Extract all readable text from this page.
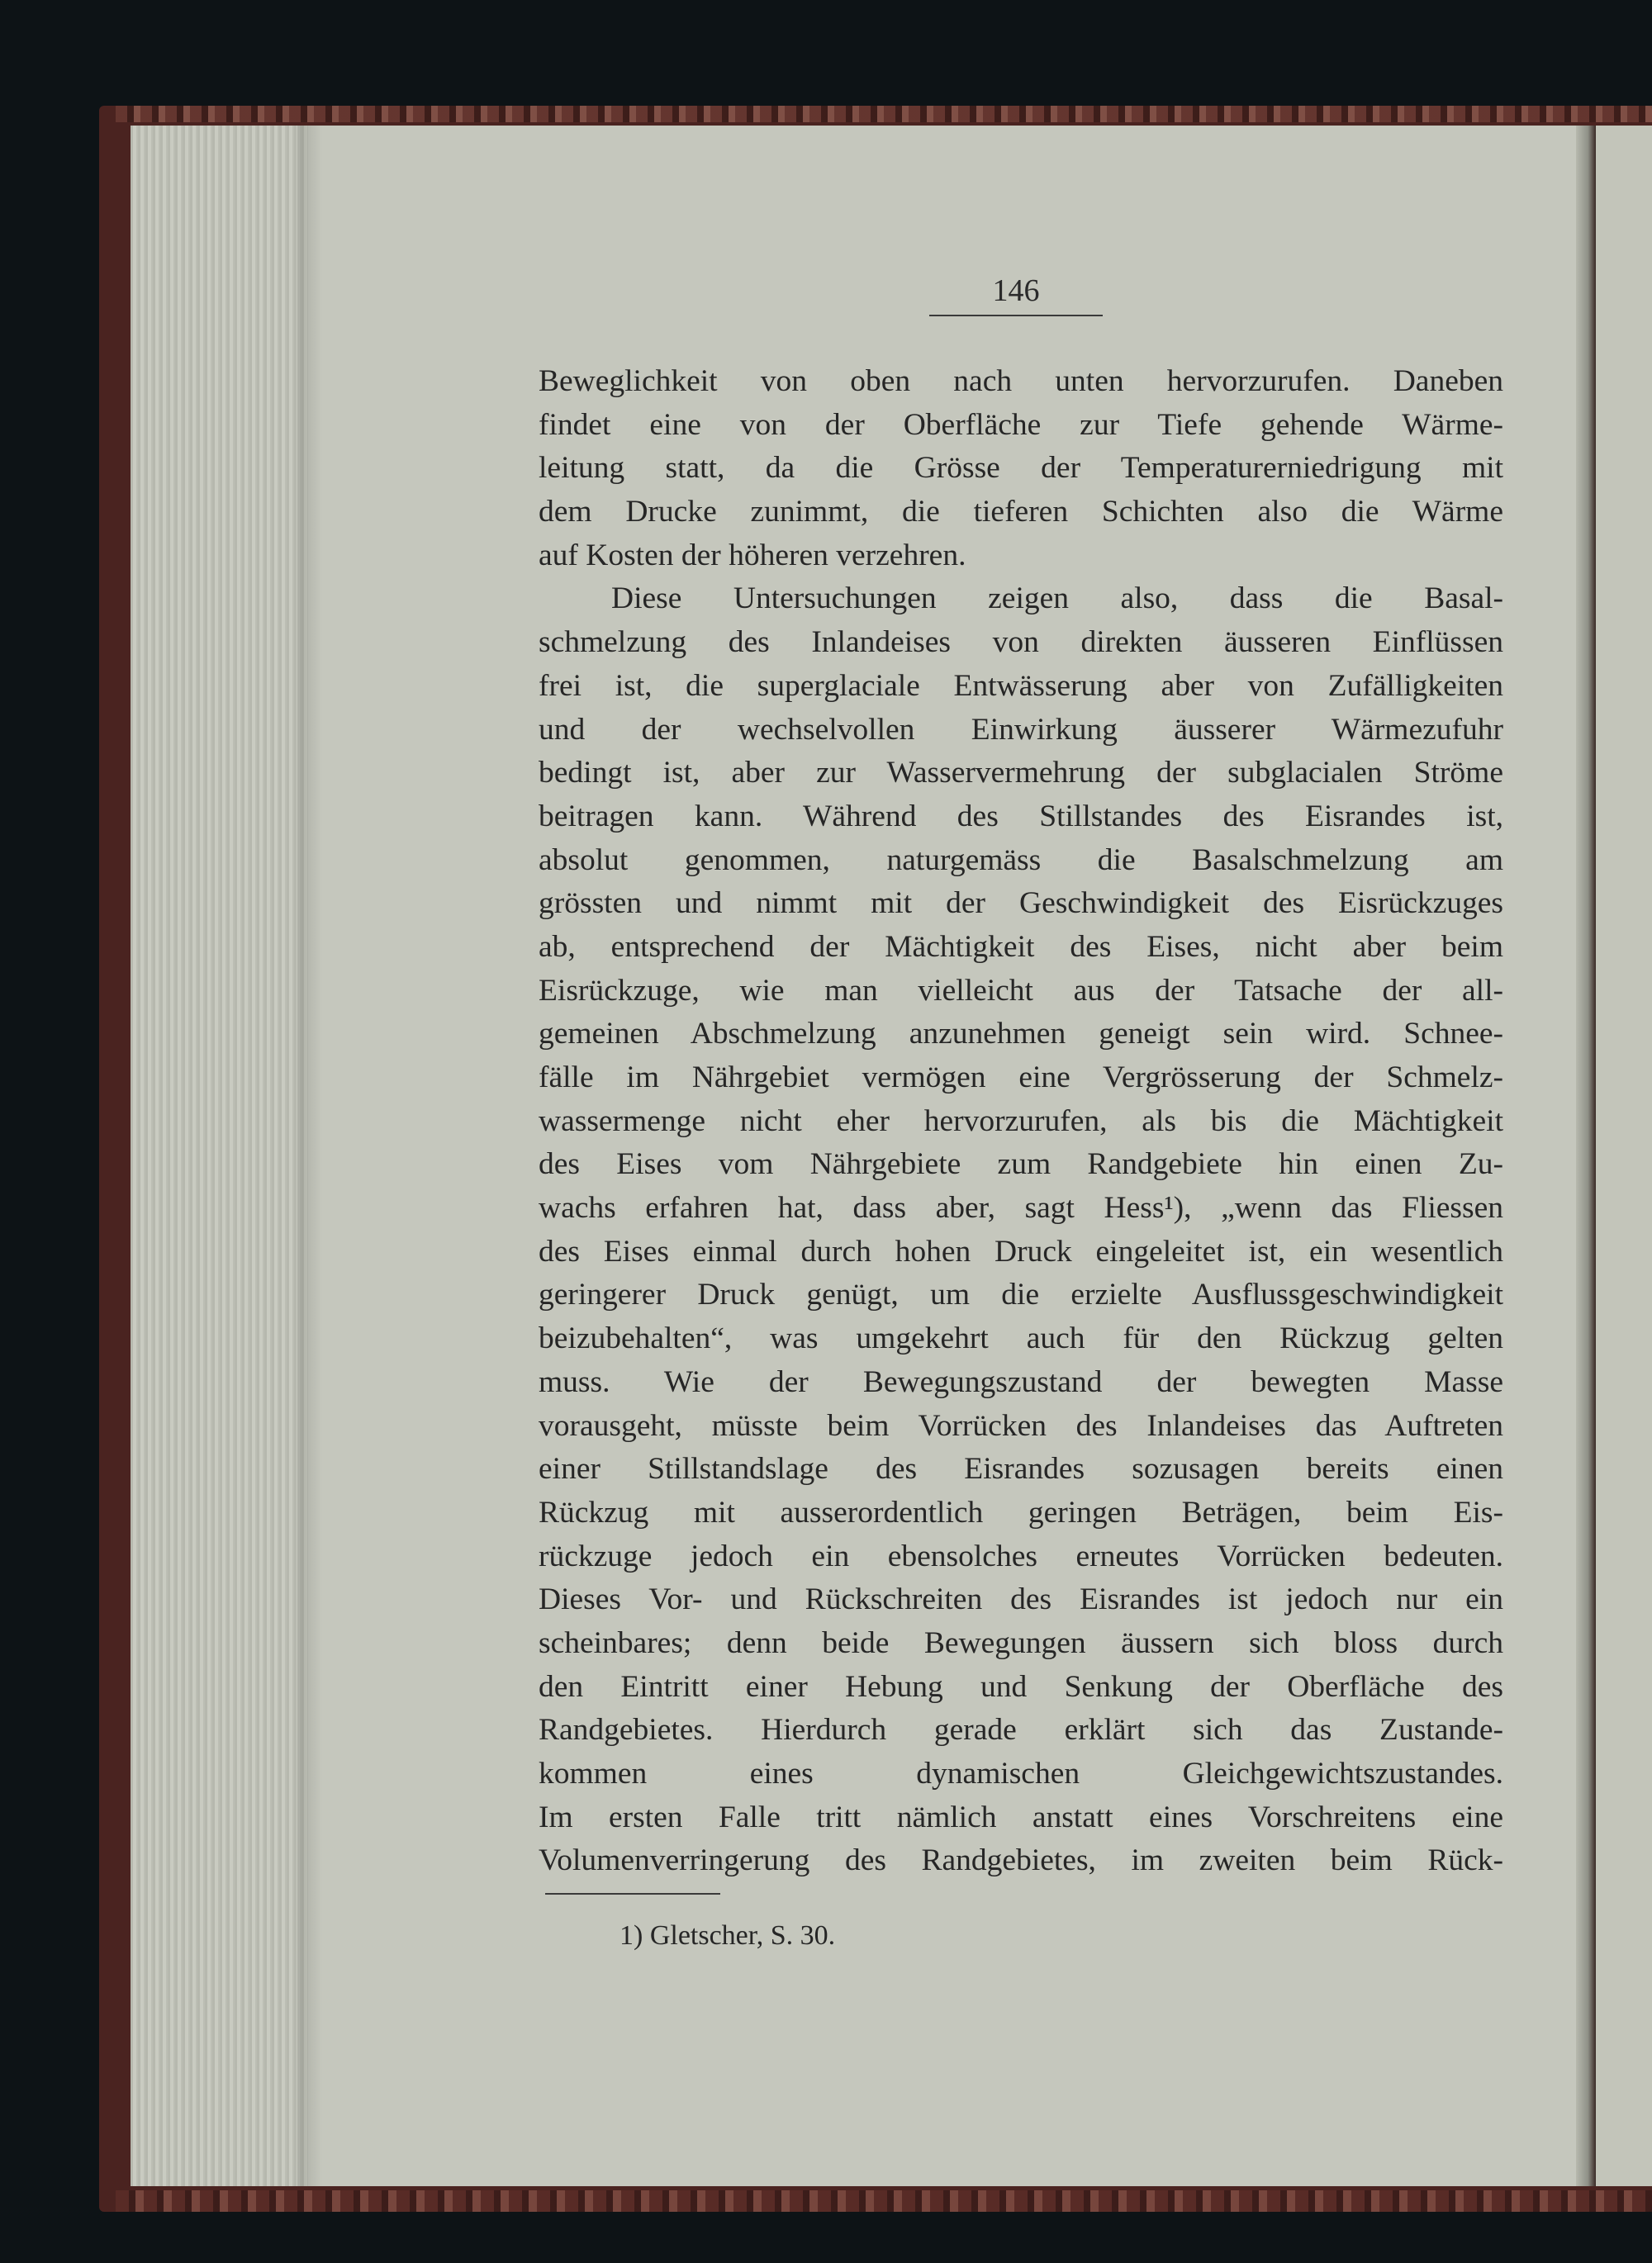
146
Beweglichkeit von oben nach unten hervorzurufen. Daneben
findet eine von der Oberfläche zur Tiefe gehende Wärme-
leitung statt, da die Grösse der Temperaturerniedrigung mit
dem Drucke zunimmt, die tieferen Schichten also die Wärme
auf Kosten der höheren verzehren.
Diese Untersuchungen zeigen also, dass die Basal-
schmelzung des Inlandeises von direkten äusseren Einflüssen
frei ist, die superglaciale Entwässerung aber von Zufälligkeiten
und der wechselvollen Einwirkung äusserer Wärmezufuhr
bedingt ist, aber zur Wasservermehrung der subglacialen Ströme
beitragen kann. Während des Stillstandes des Eisrandes ist,
absolut genommen, naturgemäss die Basalschmelzung am
grössten und nimmt mit der Geschwindigkeit des Eisrückzuges
ab, entsprechend der Mächtigkeit des Eises, nicht aber beim
Eisrückzuge, wie man vielleicht aus der Tatsache der all-
gemeinen Abschmelzung anzunehmen geneigt sein wird. Schnee-
fälle im Nährgebiet vermögen eine Vergrösserung der Schmelz-
wassermenge nicht eher hervorzurufen, als bis die Mächtigkeit
des Eises vom Nährgebiete zum Randgebiete hin einen Zu-
wachs erfahren hat, dass aber, sagt Hess¹), „wenn das Fliessen
des Eises einmal durch hohen Druck eingeleitet ist, ein wesentlich
geringerer Druck genügt, um die erzielte Ausflussgeschwindigkeit
beizubehalten“, was umgekehrt auch für den Rückzug gelten
muss. Wie der Bewegungszustand der bewegten Masse
vorausgeht, müsste beim Vorrücken des Inlandeises das Auftreten
einer Stillstandslage des Eisrandes sozusagen bereits einen
Rückzug mit ausserordentlich geringen Beträgen, beim Eis-
rückzuge jedoch ein ebensolches erneutes Vorrücken bedeuten.
Dieses Vor- und Rückschreiten des Eisrandes ist jedoch nur ein
scheinbares; denn beide Bewegungen äussern sich bloss durch
den Eintritt einer Hebung und Senkung der Oberfläche des
Randgebietes. Hierdurch gerade erklärt sich das Zustande-
kommen eines dynamischen Gleichgewichtszustandes.
Im ersten Falle tritt nämlich anstatt eines Vorschreitens eine
Volumenverringerung des Randgebietes, im zweiten beim Rück-
1) Gletscher, S. 30.
